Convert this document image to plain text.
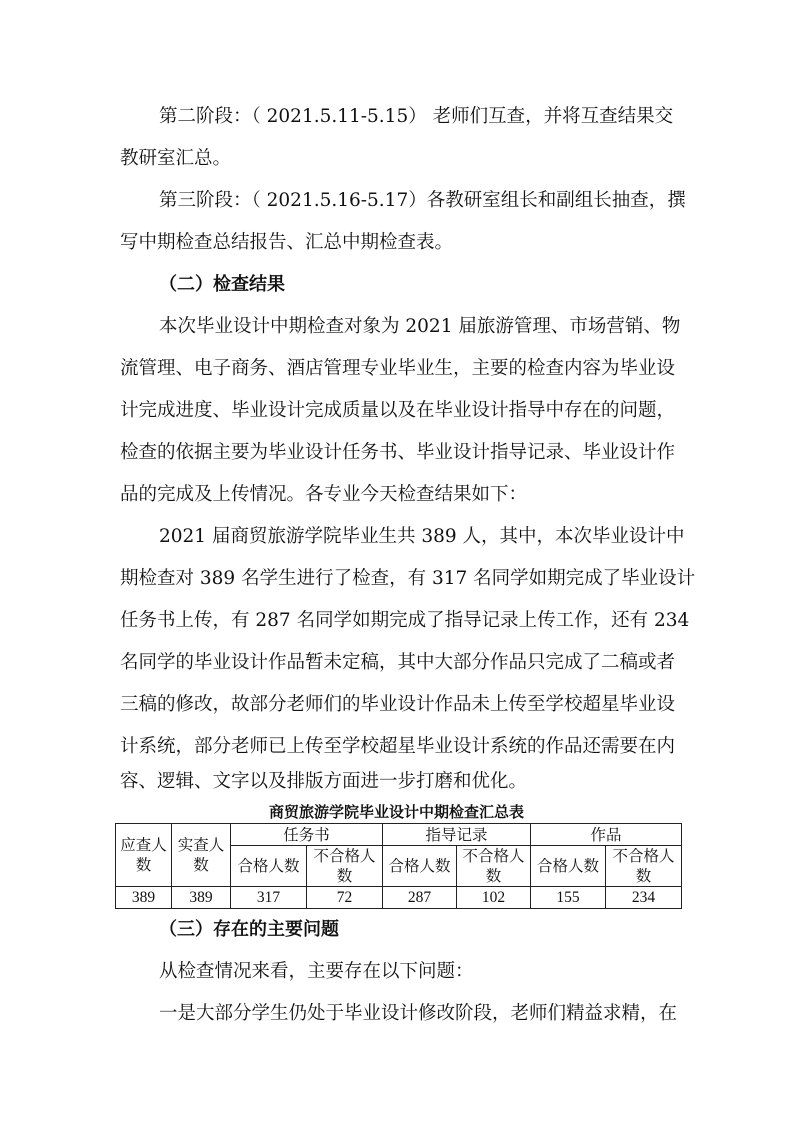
第二阶段：（ 2021.5.11-5.15） 老师们互查，并将互查结果交
教研室汇总。
第三阶段：（ 2021.5.16-5.17）各教研室组长和副组长抽查，撰
写中期检查总结报告、汇总中期检查表。
（二）检查结果
本次毕业设计中期检查对象为 2021 届旅游管理、市场营销、物
流管理、电子商务、酒店管理专业毕业生，主要的检查内容为毕业设
计完成进度、毕业设计完成质量以及在毕业设计指导中存在的问题，
检查的依据主要为毕业设计任务书、毕业设计指导记录、毕业设计作
品的完成及上传情况。各专业今天检查结果如下：
2021 届商贸旅游学院毕业生共 389 人，其中，本次毕业设计中
期检查对 389 名学生进行了检查，有 317 名同学如期完成了毕业设计
任务书上传，有 287 名同学如期完成了指导记录上传工作，还有 234
名同学的毕业设计作品暂未定稿，其中大部分作品只完成了二稿或者
三稿的修改，故部分老师们的毕业设计作品未上传至学校超星毕业设
计系统，部分老师已上传至学校超星毕业设计系统的作品还需要在内
容、逻辑、文字以及排版方面进一步打磨和优化。
商贸旅游学院毕业设计中期检查汇总表
应查人数	实查人数	任务书		指导记录		作品	
		合格人数	不合格人数	合格人数	不合格人数	合格人数	不合格人数
389	389	317	72	287	102	155	234
（三）存在的主要问题
从检查情况来看，主要存在以下问题：
一是大部分学生仍处于毕业设计修改阶段，老师们精益求精，在
